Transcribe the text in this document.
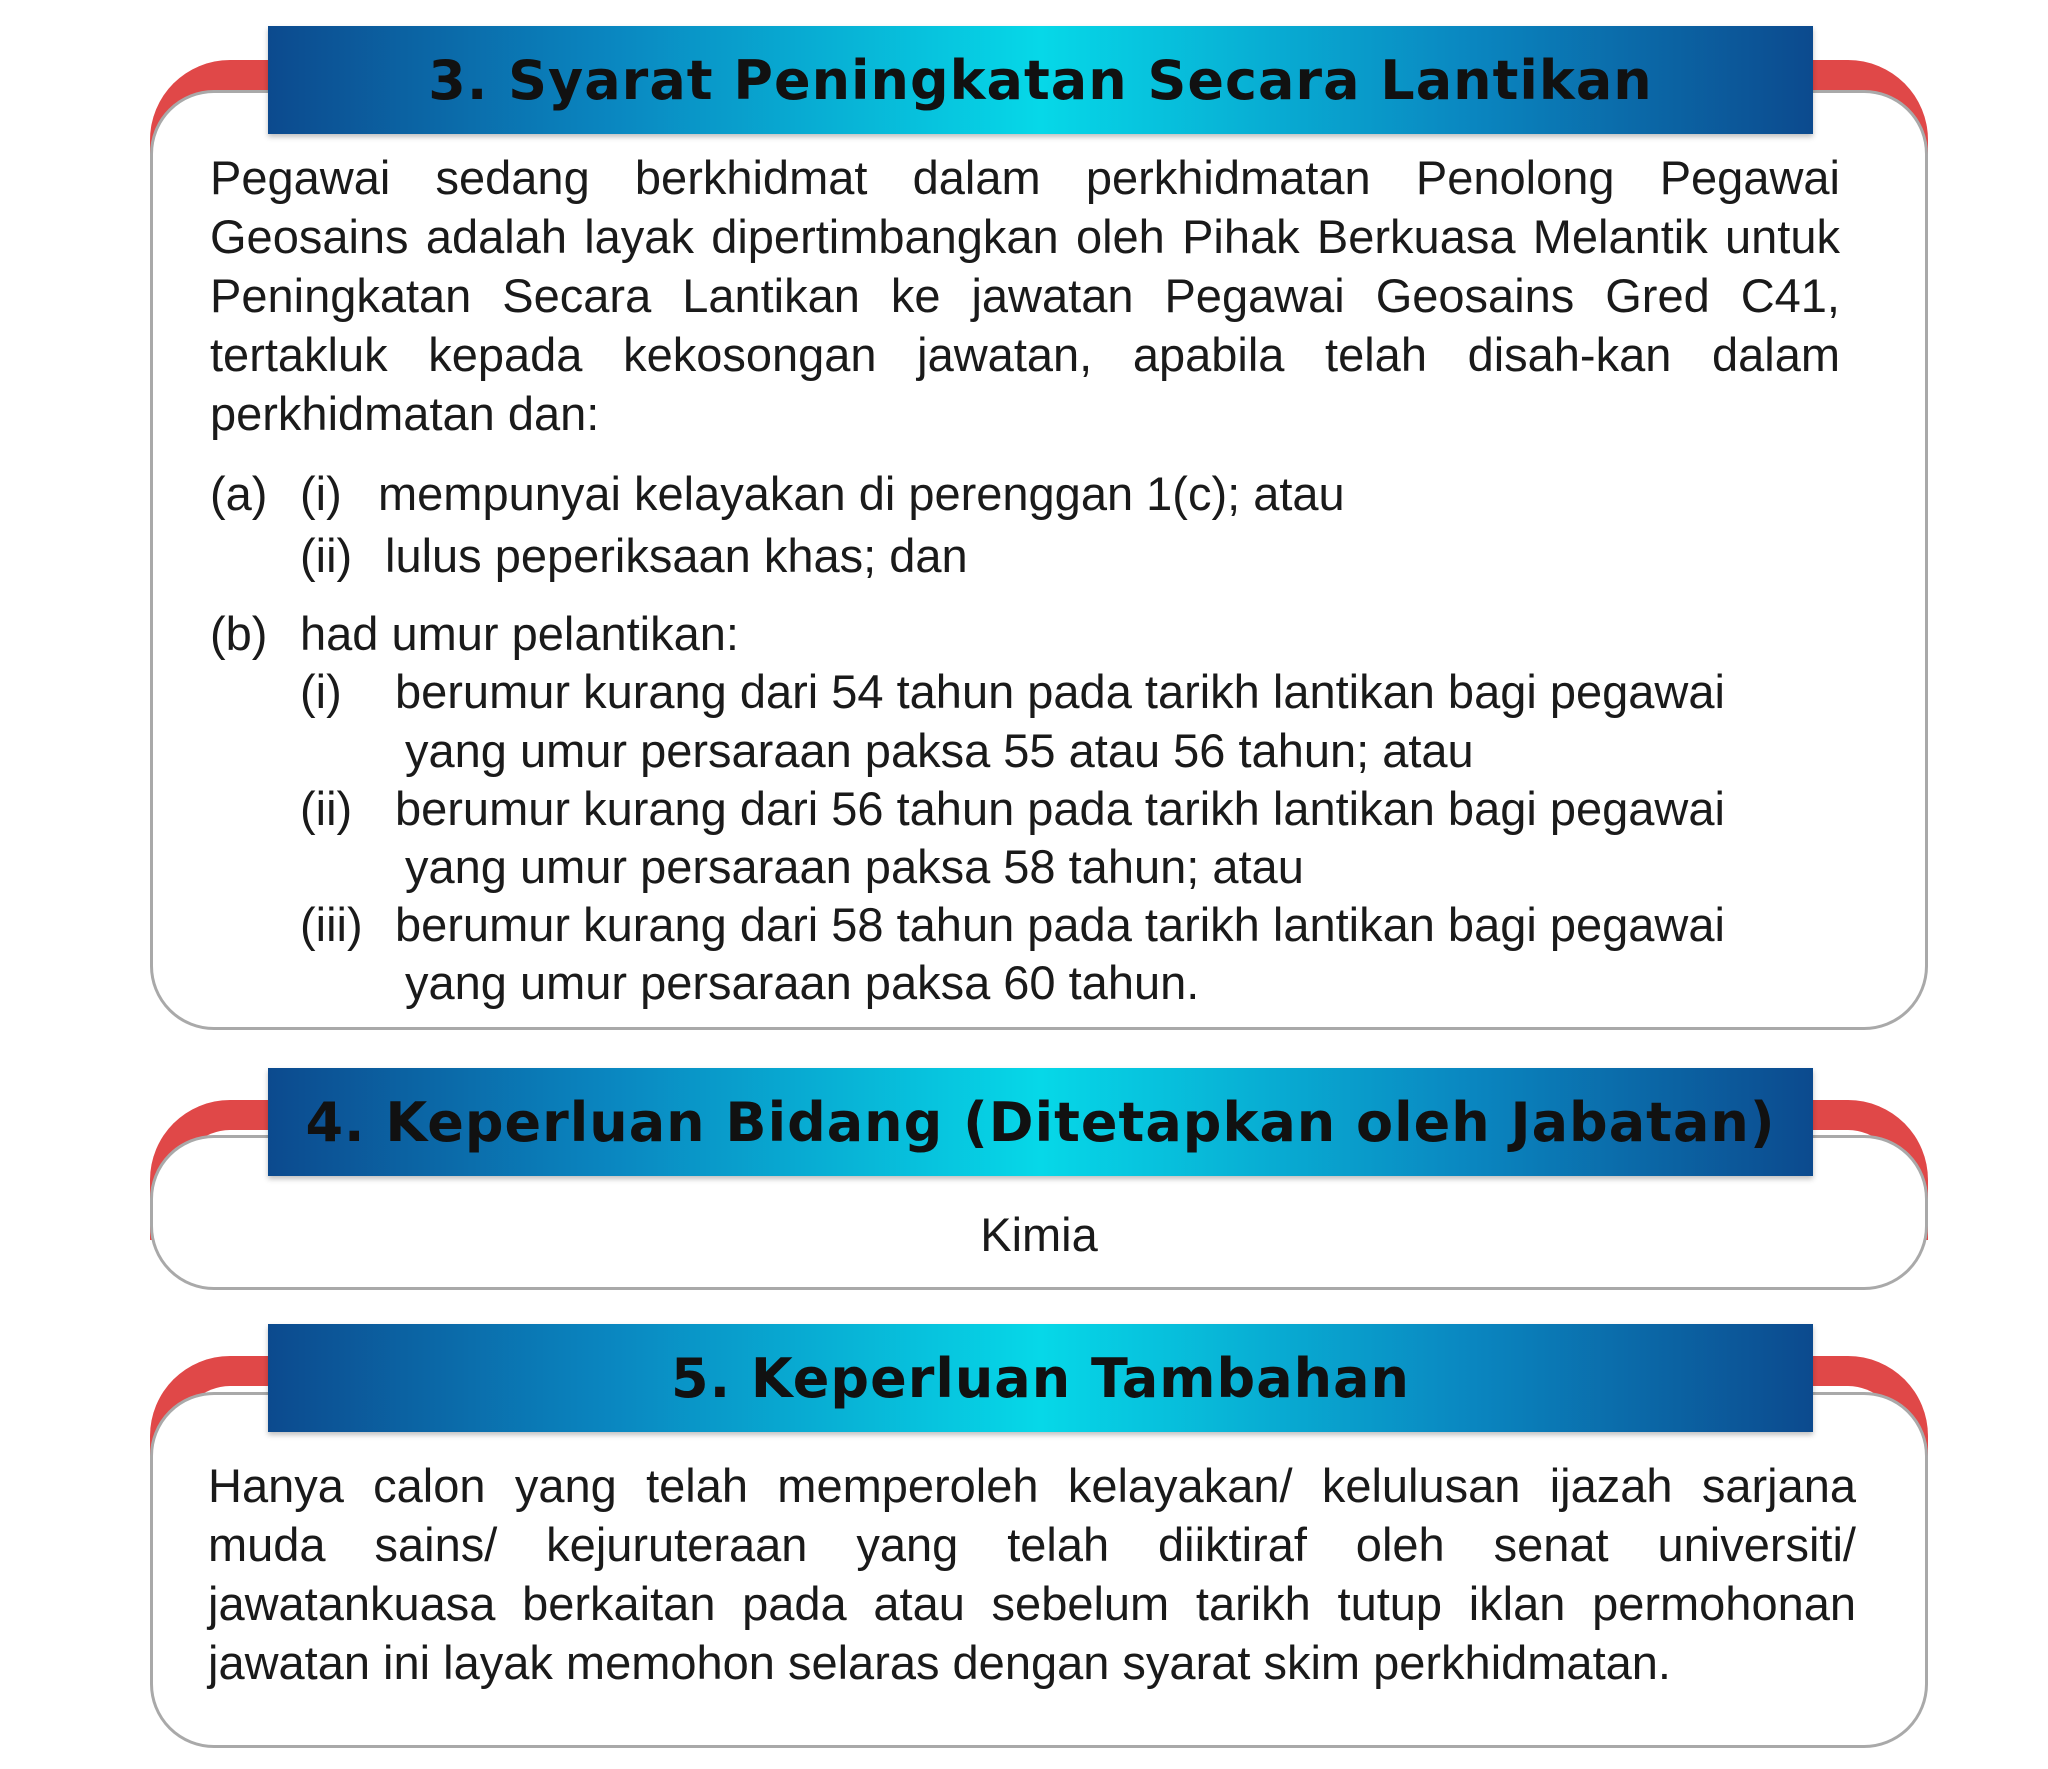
3. Syarat Peningkatan Secara Lantikan

Pegawai sedang berkhidmat dalam perkhidmatan Penolong Pegawai Geosains adalah layak dipertimbangkan oleh Pihak Berkuasa Melantik untuk Peningkatan Secara Lantikan ke jawatan Pegawai Geosains Gred C41, tertakluk kepada kekosongan jawatan, apabila telah disah-kan dalam perkhidmatan dan:

(a) (i) mempunyai kelayakan di perenggan 1(c); atau
(ii) lulus peperiksaan khas; dan
(b) had umur pelantikan:
(i) berumur kurang dari 54 tahun pada tarikh lantikan bagi pegawai
yang umur persaraan paksa 55 atau 56 tahun; atau
(ii) berumur kurang dari 56 tahun pada tarikh lantikan bagi pegawai
yang umur persaraan paksa 58 tahun; atau
(iii) berumur kurang dari 58 tahun pada tarikh lantikan bagi pegawai
yang umur persaraan paksa 60 tahun.
4. Keperluan Bidang (Ditetapkan oleh Jabatan)
Kimia
5. Keperluan Tambahan

Hanya calon yang telah memperoleh kelayakan/ kelulusan ijazah sarjana muda sains/ kejuruteraan yang telah diiktiraf oleh senat universiti/ jawatankuasa berkaitan pada atau sebelum tarikh tutup iklan permohonan jawatan ini layak memohon selaras dengan syarat skim perkhidmatan.
